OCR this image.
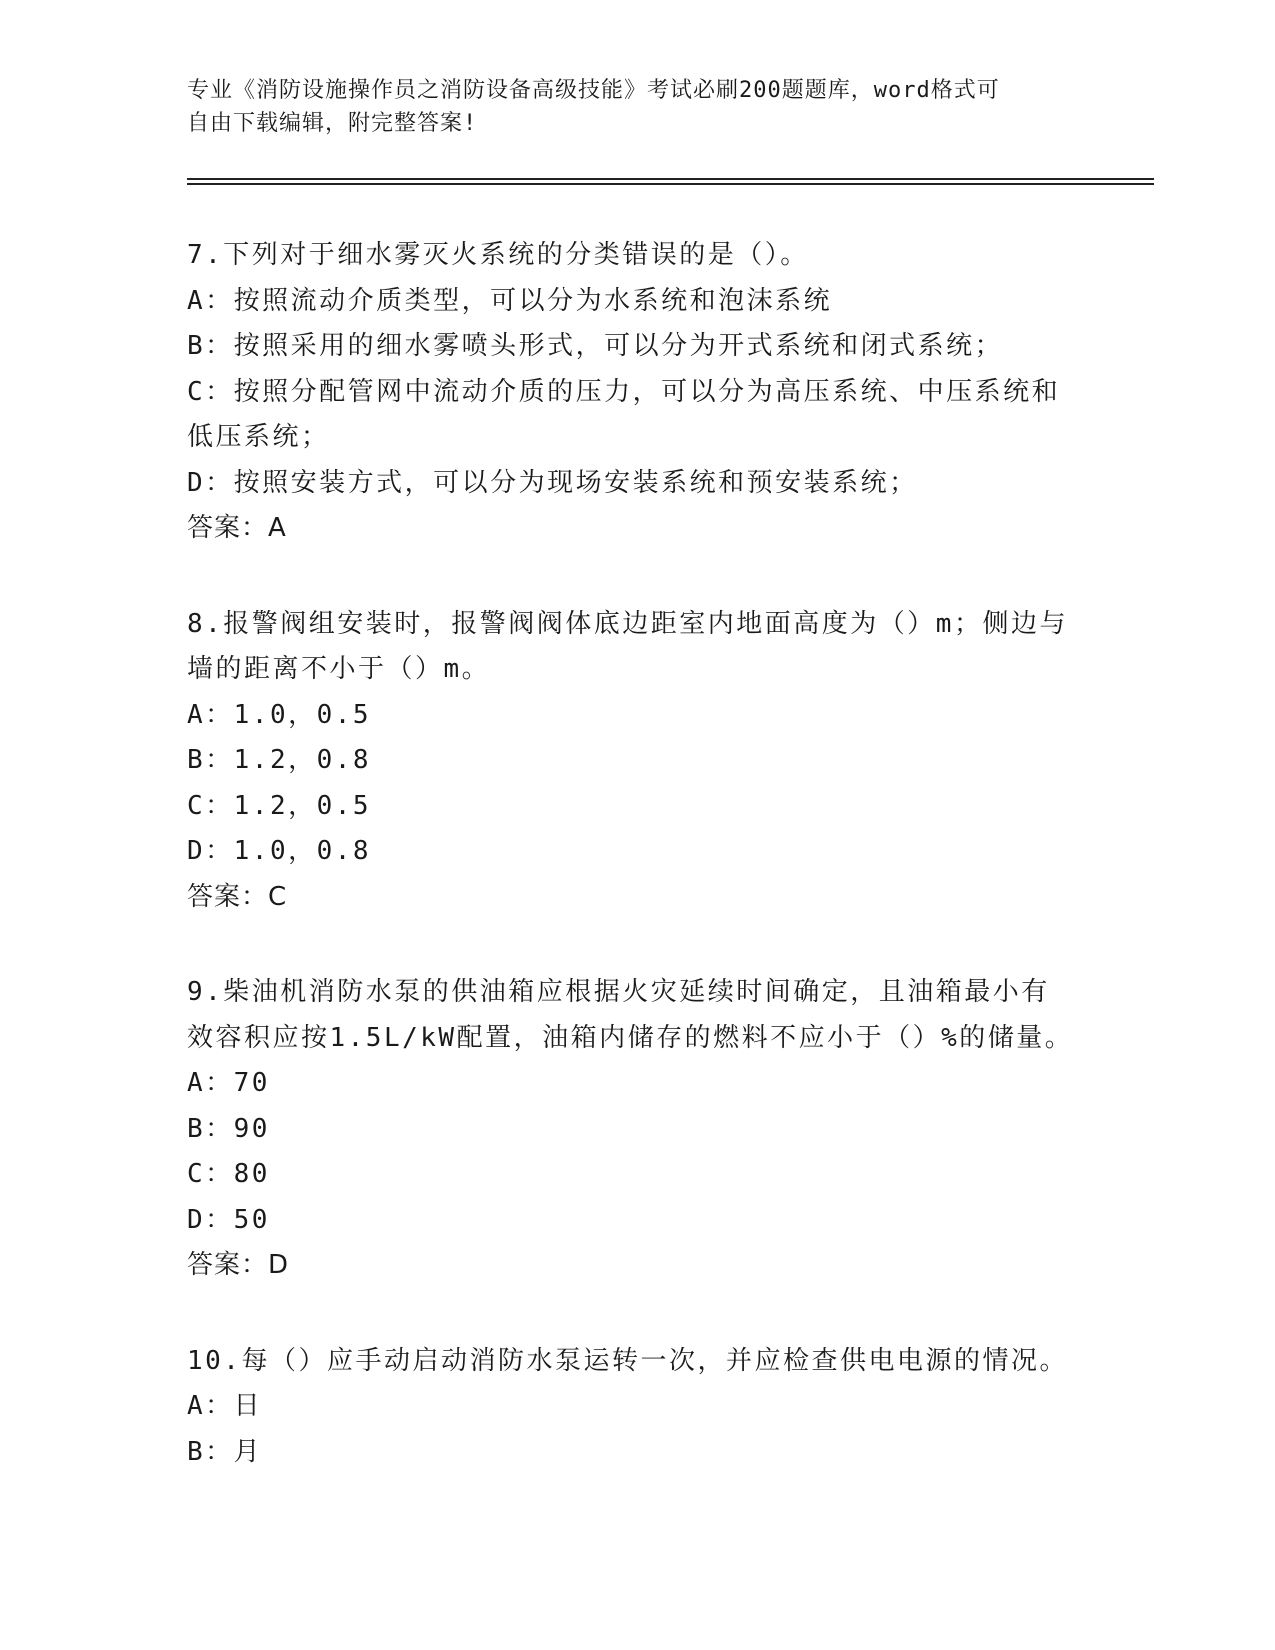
专业《消防设施操作员之消防设备高级技能》考试必刷200题题库，word格式可
自由下载编辑，附完整答案!
7.下列对于细水雾灭火系统的分类错误的是（）。
A：按照流动介质类型，可以分为水系统和泡沫系统
B：按照采用的细水雾喷头形式，可以分为开式系统和闭式系统；
C：按照分配管网中流动介质的压力，可以分为高压系统、中压系统和
低压系统；
D：按照安装方式，可以分为现场安装系统和预安装系统；
答案：A
8.报警阀组安装时，报警阀阀体底边距室内地面高度为（）m；侧边与
墙的距离不小于（）m。
A：1.0，0.5
B：1.2，0.8
C：1.2，0.5
D：1.0，0.8
答案：C
9.柴油机消防水泵的供油箱应根据火灾延续时间确定，且油箱最小有
效容积应按1.5L/kW配置，油箱内储存的燃料不应小于（）%的储量。
A：70
B：90
C：80
D：50
答案：D
10.每（）应手动启动消防水泵运转一次，并应检查供电电源的情况。
A：日
B：月
